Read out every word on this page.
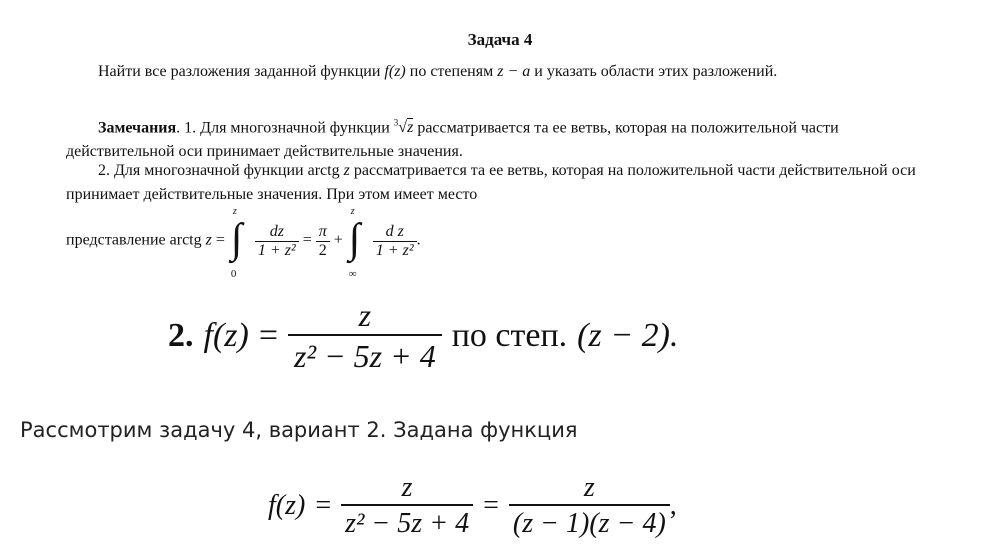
Задача 4
Найти все разложения заданной функции f(z) по степеням z − a и указать области этих разложений.
Замечания. 1. Для многозначной функции $^3$√z рассматривается та ее ветвь, которая на положительной части действительной оси принимает действительные значения.
2. Для многозначной функции arctg z рассматривается та ее ветвь, которая на положительной части действительной оси принимает действительные значения. При этом имеет место
представление arctg z =
z
∫
0

$\frac{dz}{\text{1 + z²}} = \frac{\pi}{2}$ +
z
∫
∞

$\frac{\text{d z}}{\text{1 + z²}}$ .
2. $f(z) = \frac{z}{\text{z² − 5z + 4}}$ по степ. (z − 2).
Рассмотрим задачу 4, вариант 2. Задана функция
$f(z) = \frac{z}{\text{z² − 5z + 4}} = \frac{z}{(z - 1)(z - 4)}$ ,
